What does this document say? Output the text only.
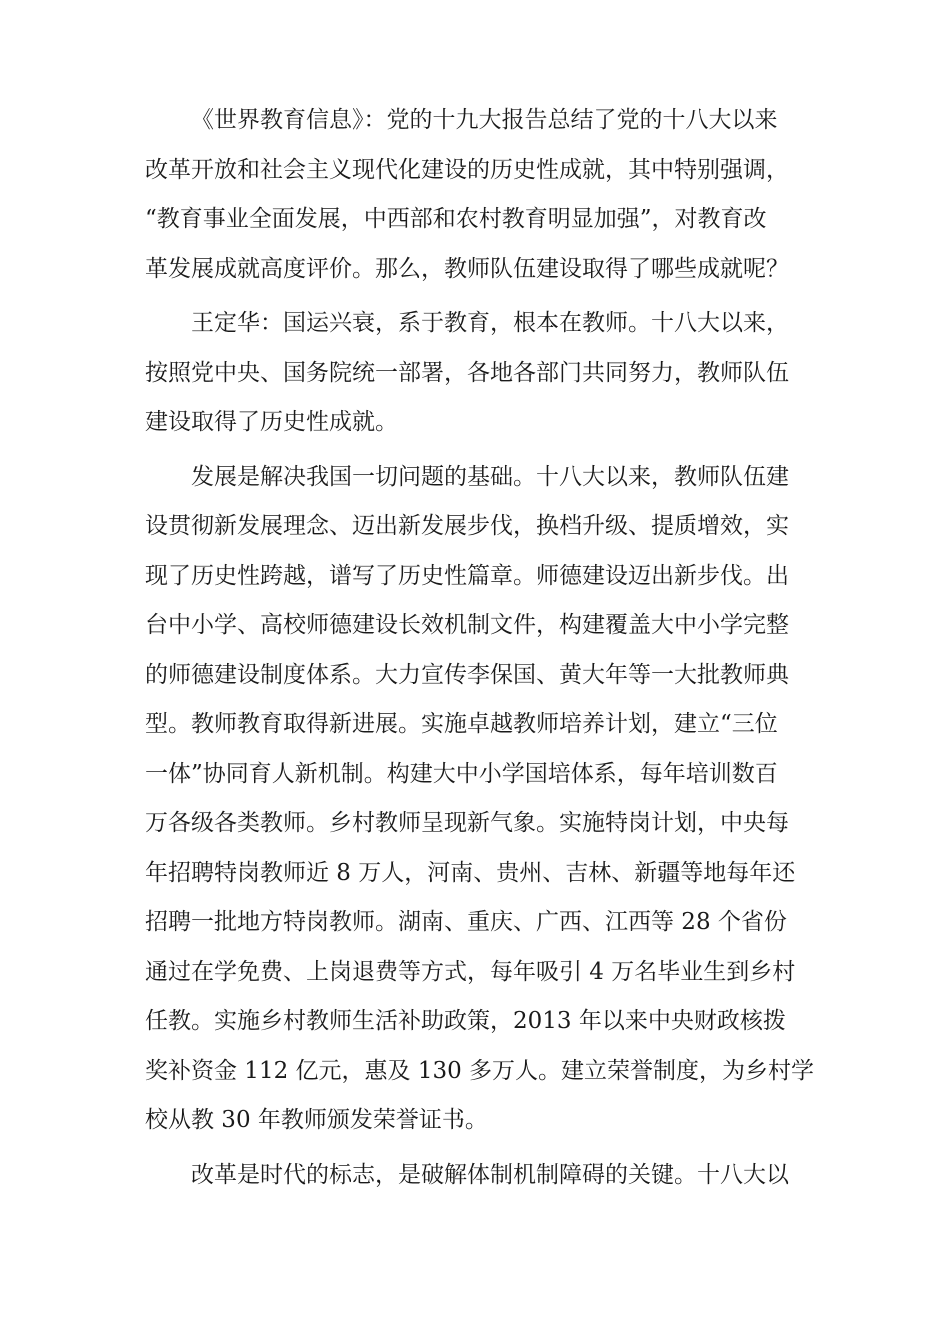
《世界教育信息》：党的十九大报告总结了党的十八大以来
改革开放和社会主义现代化建设的历史性成就，其中特别强调，
“教育事业全面发展，中西部和农村教育明显加强”，对教育改
革发展成就高度评价。那么，教师队伍建设取得了哪些成就呢？
王定华：国运兴衰，系于教育，根本在教师。十八大以来，
按照党中央、国务院统一部署，各地各部门共同努力，教师队伍
建设取得了历史性成就。
发展是解决我国一切问题的基础。十八大以来，教师队伍建
设贯彻新发展理念、迈出新发展步伐，换档升级、提质增效，实
现了历史性跨越，谱写了历史性篇章。师德建设迈出新步伐。出
台中小学、高校师德建设长效机制文件，构建覆盖大中小学完整
的师德建设制度体系。大力宣传李保国、黄大年等一大批教师典
型。教师教育取得新进展。实施卓越教师培养计划，建立“三位
一体”协同育人新机制。构建大中小学国培体系，每年培训数百
万各级各类教师。乡村教师呈现新气象。实施特岗计划，中央每
年招聘特岗教师近 8 万人，河南、贵州、吉林、新疆等地每年还
招聘一批地方特岗教师。湖南、重庆、广西、江西等 28 个省份
通过在学免费、上岗退费等方式，每年吸引 4 万名毕业生到乡村
任教。实施乡村教师生活补助政策，2013 年以来中央财政核拨
奖补资金 112 亿元，惠及 130 多万人。建立荣誉制度，为乡村学
校从教 30 年教师颁发荣誉证书。
改革是时代的标志，是破解体制机制障碍的关键。十八大以
